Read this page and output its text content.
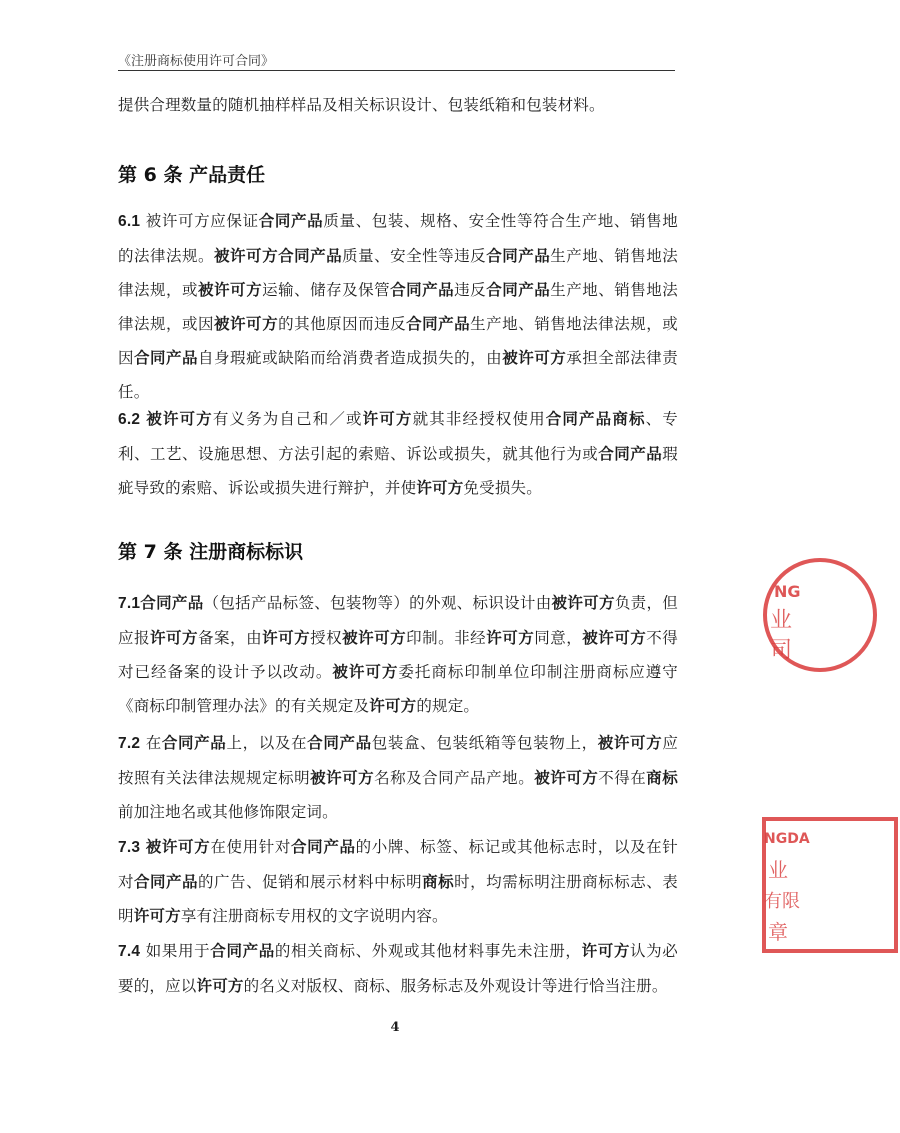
《注册商标使用许可合同》
提供合理数量的随机抽样样品及相关标识设计、包装纸箱和包装材料。
第 6 条 产品责任
6.1 被许可方应保证合同产品质量、包装、规格、安全性等符合生产地、销售地的法律法规。被许可方合同产品质量、安全性等违反合同产品生产地、销售地法律法规，或被许可方运输、储存及保管合同产品违反合同产品生产地、销售地法律法规，或因被许可方的其他原因而违反合同产品生产地、销售地法律法规，或因合同产品自身瑕疵或缺陷而给消费者造成损失的，由被许可方承担全部法律责任。
6.2 被许可方有义务为自己和／或许可方就其非经授权使用合同产品商标、专利、工艺、设施思想、方法引起的索赔、诉讼或损失，就其他行为或合同产品瑕疵导致的索赔、诉讼或损失进行辩护，并使许可方免受损失。
第 7 条 注册商标标识
7.1合同产品（包括产品标签、包装物等）的外观、标识设计由被许可方负责，但应报许可方备案，由许可方授权被许可方印制。非经许可方同意，被许可方不得对已经备案的设计予以改动。被许可方委托商标印制单位印制注册商标应遵守《商标印制管理办法》的有关规定及许可方的规定。
7.2 在合同产品上，以及在合同产品包装盒、包装纸箱等包装物上，被许可方应按照有关法律法规规定标明被许可方名称及合同产品产地。被许可方不得在商标前加注地名或其他修饰限定词。
7.3 被许可方在使用针对合同产品的小牌、标签、标记或其他标志时，以及在针对合同产品的广告、促销和展示材料中标明商标时，均需标明注册商标标志、表明许可方享有注册商标专用权的文字说明内容。
7.4 如果用于合同产品的相关商标、外观或其他材料事先未注册，许可方认为必要的，应以许可方的名义对版权、商标、服务标志及外观设计等进行恰当注册。
4
NG
业
司
NGDA
业
有限
章
